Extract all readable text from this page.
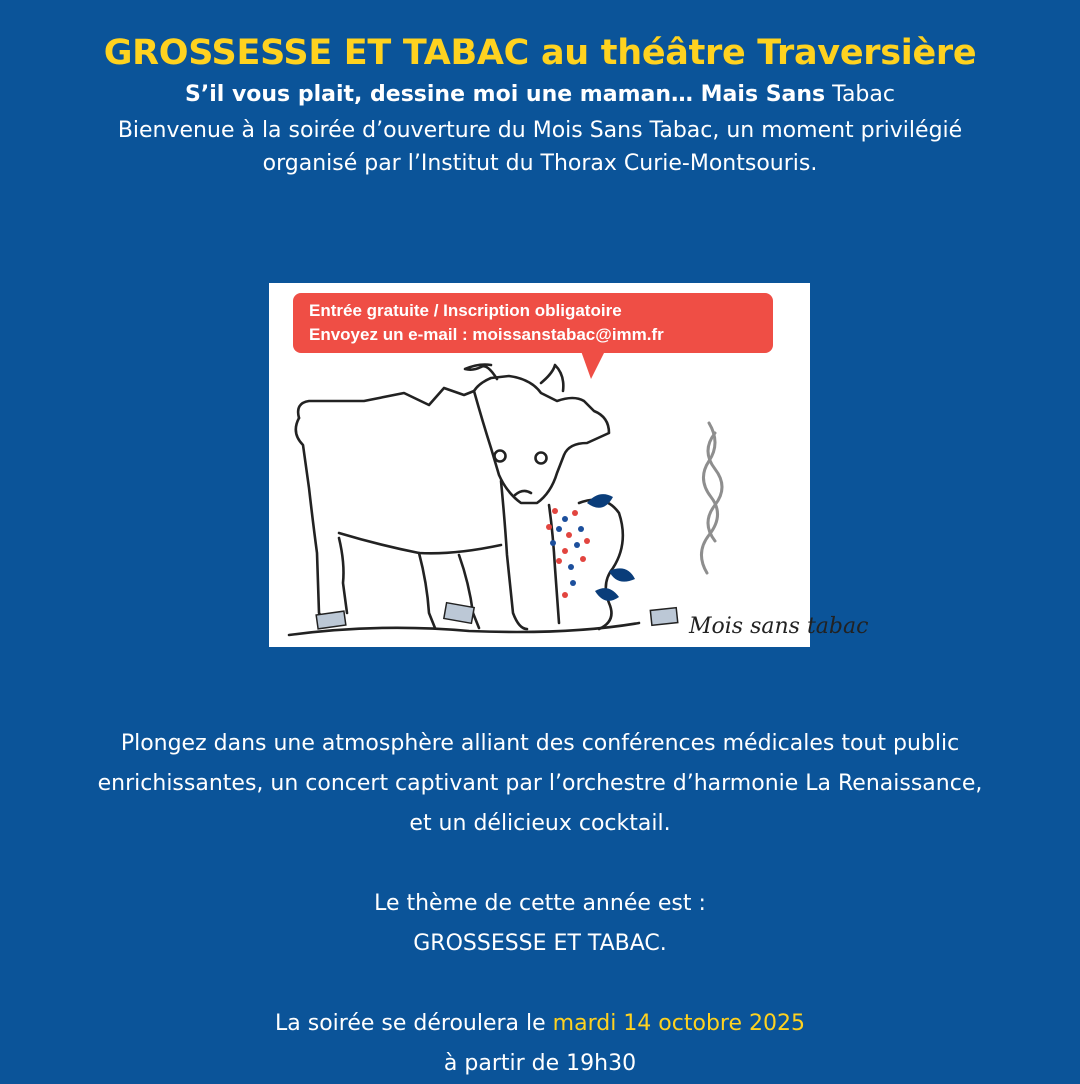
GROSSESSE ET TABAC au théâtre Traversière

S’il vous plait, dessine moi une maman… Mais Sans Tabac

Bienvenue à la soirée d’ouverture du Mois Sans Tabac, un moment privilégié
organisé par l’Institut du Thorax Curie-Montsouris.

Mois sans tabac
Entrée gratuite / Inscription obligatoire
Envoyez un e-mail : moissanstabac@imm.fr

Plongez dans une atmosphère alliant des conférences médicales tout public

enrichissantes, un concert captivant par l’orchestre d’harmonie La Renaissance,

et un délicieux cocktail.

Le thème de cette année est :

GROSSESSE ET TABAC.

La soirée se déroulera le mardi 14 octobre 2025

à partir de 19h30
